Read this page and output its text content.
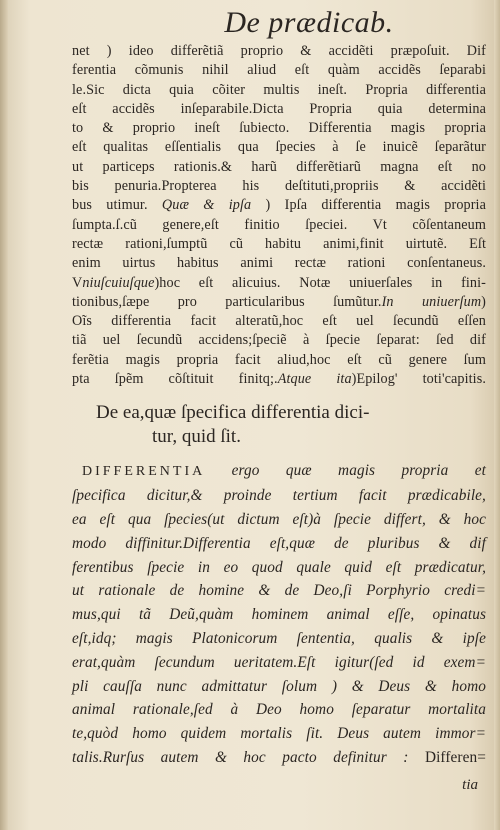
De prædicab.
net ) ideo differẽtiã proprio & accidẽti præpoſuit. Dif
ferentia cõmunis nihil aliud eſt quàm accidẽs ſeparabi
le.Sic dicta quia cõiter multis ineſt. Propria differentia
eſt accidẽs inſeparabile.Dicta Propria quia determina
to & proprio ineſt ſubiecto. Differentia magis propria
eſt qualitas eſſentialis qua ſpecies à ſe inuicẽ ſeparãtur
ut particeps rationis.& harũ differẽtiarũ magna eſt no
bis penuria.Propterea his deſtituti,propriis & accidẽti
bus utimur. Quæ & ipſa ) Ipſa differentia magis propria
ſumpta.ſ.cũ genere,eſt finitio ſpeciei. Vt cõſentaneum
rectæ rationi,ſumptũ cũ habitu animi,finit uirtutẽ. Eſt
enim uirtus habitus animi rectæ rationi conſentaneus.
Vniuſcuiuſque)hoc eſt alicuius. Notæ uniuerſales in fini-
tionibus,ſæpe pro particularibus ſumũtur.In uniuerſum)
Oĩs differentia facit alteratũ,hoc eſt uel ſecundũ eſſen
tiã uel ſecundũ accidens;ſpeciẽ à ſpecie ſeparat: ſed dif
ferẽtia magis propria facit aliud,hoc eſt cũ genere ſum
pta ſpẽm cõſtituit finitq;.Atque ita)Epilog' toti'capitis.
De ea,quæ ſpecifica differentia dici-
tur, quid ſit.
DIFFERENTIA ergo quæ magis propria et
ſpecifica dicitur,& proinde tertium facit prædicabile,
ea eſt qua ſpecies(ut dictum eſt)à ſpecie differt, & hoc
modo diffinitur.Differentia eſt,quæ de pluribus & dif
ferentibus ſpecie in eo quod quale quid eſt prædicatur,
ut rationale de homine & de Deo,ſi Porphyrio credi=
mus,qui tã Deũ,quàm hominem animal eſſe, opinatus
eſt,idq; magis Platonicorum ſententia, qualis & ipſe
erat,quàm ſecundum ueritatem.Eſt igitur(ſed id exem=
pli cauſſa nunc admittatur ſolum ) & Deus & homo
animal rationale,ſed à Deo homo ſeparatur mortalita
te,quòd homo quidem mortalis ſit. Deus autem immor=
talis.Rurſus autem & hoc pacto definitur : Differen=
tia
